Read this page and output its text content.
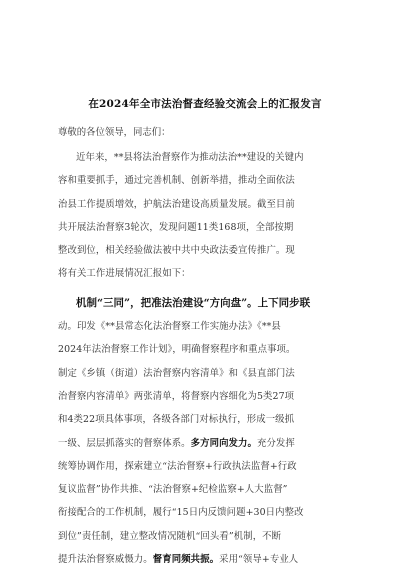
在2024年全市法治督查经验交流会上的汇报发言
尊敬的各位领导，同志们：
近年来，**县将法治督察作为推动法治**建设的关键内
容和重要抓手，通过完善机制、创新举措，推动全面依法
治县工作提质增效，护航法治建设高质量发展。截至目前
共开展法治督察3轮次，发现问题11类168项，全部按期
整改到位，相关经验做法被中共中央政法委宣传推广。现
将有关工作进展情况汇报如下：
机制“三同”，把准法治建设“方向盘”。上下同步联
动。印发《**县常态化法治督察工作实施办法》《**县
2024年法治督察工作计划》，明确督察程序和重点事项。
制定《乡镇（街道）法治督察内容清单》和《县直部门法
治督察内容清单》两张清单，将督察内容细化为5类27项
和4类22项具体事项，各级各部门对标执行，形成一级抓
一级、层层抓落实的督察体系。多方同向发力。充分发挥
统筹协调作用，探索建立“法治督察+行政执法监督+行政
复议监督”协作共推、“法治督察+纪检监察+人大监督”
衔接配合的工作机制，履行“15日内反馈问题+30日内整改
到位”责任制，建立整改情况随机“回头看”机制，不断
提升法治督察威慑力。督育同频共振。采用“领导+专业人
